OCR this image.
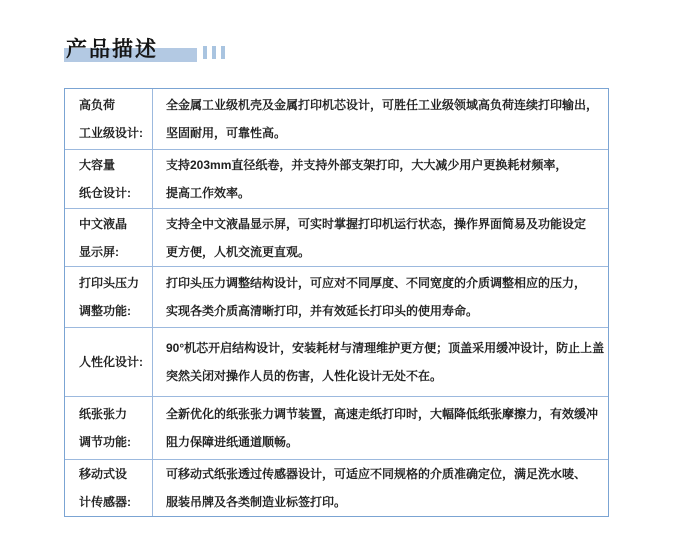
产品描述
高负荷
工业级设计:
全金属工业级机壳及金属打印机芯设计，可胜任工业级领域高负荷连续打印输出，
坚固耐用，可靠性高。
大容量
纸仓设计:
支持203mm直径纸卷，并支持外部支架打印，大大减少用户更换耗材频率，
提高工作效率。
中文液晶
显示屏:
支持全中文液晶显示屏，可实时掌握打印机运行状态，操作界面简易及功能设定
更方便，人机交流更直观。
打印头压力
调整功能:
打印头压力调整结构设计，可应对不同厚度、不同宽度的介质调整相应的压力，
实现各类介质高清晰打印，并有效延长打印头的使用寿命。
人性化设计:
90°机芯开启结构设计，安装耗材与清理维护更方便；顶盖采用缓冲设计，防止上盖
突然关闭对操作人员的伤害，人性化设计无处不在。
纸张张力
调节功能:
全新优化的纸张张力调节装置，高速走纸打印时，大幅降低纸张摩擦力，有效缓冲
阻力保障进纸通道顺畅。
移动式设
计传感器:
可移动式纸张透过传感器设计，可适应不同规格的介质准确定位，满足洗水唛、
服装吊牌及各类制造业标签打印。
